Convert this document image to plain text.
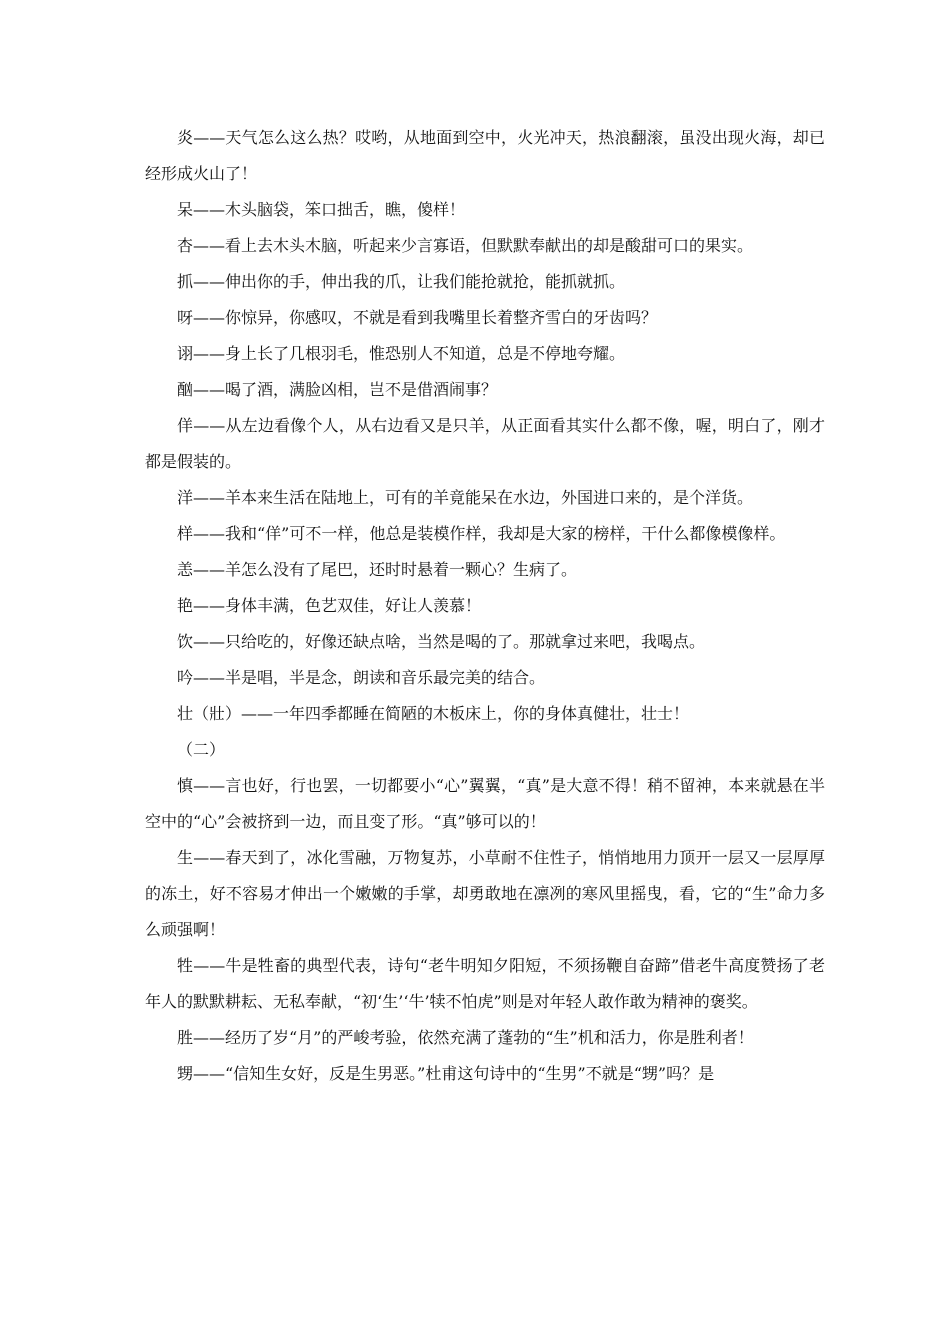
炎——天气怎么这么热？哎哟，从地面到空中，火光冲天，热浪翻滚，虽没出现火海，却已经形成火山了！

呆——木头脑袋，笨口拙舌，瞧，傻样！

杏——看上去木头木脑，听起来少言寡语，但默默奉献出的却是酸甜可口的果实。

抓——伸出你的手，伸出我的爪，让我们能抢就抢，能抓就抓。

呀——你惊异，你感叹，不就是看到我嘴里长着整齐雪白的牙齿吗？

诩——身上长了几根羽毛，惟恐别人不知道，总是不停地夸耀。

酗——喝了酒，满脸凶相，岂不是借酒闹事？

佯——从左边看像个人，从右边看又是只羊，从正面看其实什么都不像，喔，明白了，刚才都是假装的。

洋——羊本来生活在陆地上，可有的羊竟能呆在水边，外国进口来的，是个洋货。

样——我和“佯”可不一样，他总是装模作样，我却是大家的榜样，干什么都像模像样。

恙——羊怎么没有了尾巴，还时时悬着一颗心？生病了。

艳——身体丰满，色艺双佳，好让人羡慕！

饮——只给吃的，好像还缺点啥，当然是喝的了。那就拿过来吧，我喝点。

吟——半是唱，半是念，朗读和音乐最完美的结合。

壮（壯）——一年四季都睡在简陋的木板床上，你的身体真健壮，壮士！

（二）

慎——言也好，行也罢，一切都要小“心”翼翼，“真”是大意不得！稍不留神，本来就悬在半空中的“心”会被挤到一边，而且变了形。“真”够可以的！

生——春天到了，冰化雪融，万物复苏，小草耐不住性子，悄悄地用力顶开一层又一层厚厚的冻土，好不容易才伸出一个嫩嫩的手掌，却勇敢地在凛冽的寒风里摇曳，看，它的“生”命力多么顽强啊！

牲——牛是牲畜的典型代表，诗句“老牛明知夕阳短，不须扬鞭自奋蹄”借老牛高度赞扬了老年人的默默耕耘、无私奉献，“初‘生’‘牛’犊不怕虎”则是对年轻人敢作敢为精神的褒奖。

胜——经历了岁“月”的严峻考验，依然充满了蓬勃的“生”机和活力，你是胜利者！

甥——“信知生女好，反是生男恶。”杜甫这句诗中的“生男”不就是“甥”吗？是
